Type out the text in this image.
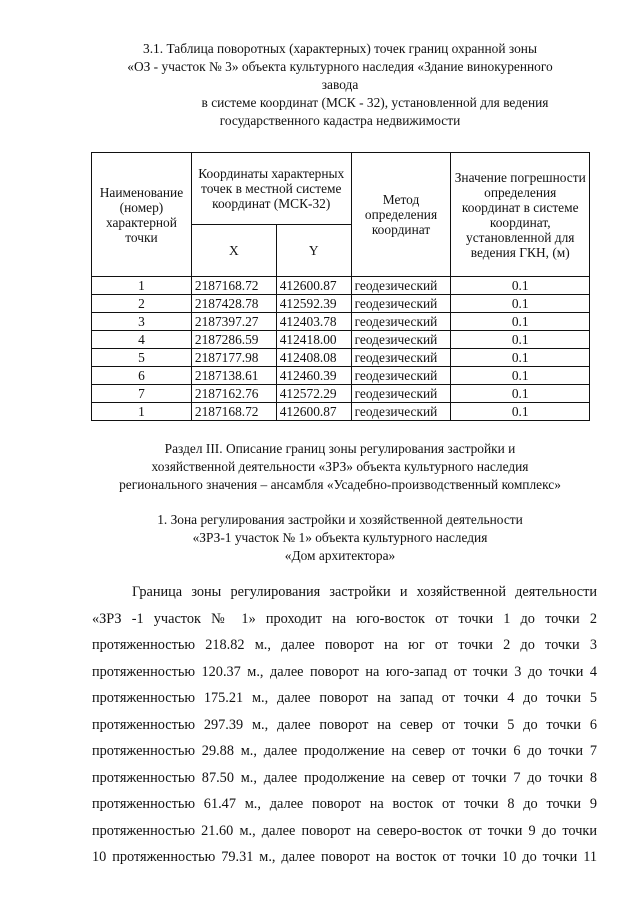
3.1. Таблица поворотных (характерных) точек границ охранной зоны
«ОЗ - участок № 3» объекта культурного наследия «Здание винокуренного
завода
в системе координат (МСК - 32), установленной для ведения
государственного кадастра недвижимости
Наименование (номер) характерной точки	Координаты характерных точек в местной системе координат (МСК-32)		Метод определения координат	Значение погрешности определения координат в системе координат, установленной для ведения ГКН, (м)
	X	Y		
1	2187168.72	412600.87	геодезический	0.1
2	2187428.78	412592.39	геодезический	0.1
3	2187397.27	412403.78	геодезический	0.1
4	2187286.59	412418.00	геодезический	0.1
5	2187177.98	412408.08	геодезический	0.1
6	2187138.61	412460.39	геодезический	0.1
7	2187162.76	412572.29	геодезический	0.1
1	2187168.72	412600.87	геодезический	0.1
Раздел III. Описание границ зоны регулирования застройки и
хозяйственной деятельности «ЗРЗ» объекта культурного наследия
регионального значения – ансамбля «Усадебно-производственный комплекс»
1. Зона регулирования застройки и хозяйственной деятельности
«ЗРЗ-1 участок № 1» объекта культурного наследия
«Дом архитектора»
Граница зоны регулирования застройки и хозяйственной деятельности
«ЗРЗ -1 участок № 1» проходит на юго-восток от точки 1 до точки 2
протяженностью 218.82 м., далее поворот на юг от точки 2 до точки 3
протяженностью 120.37 м., далее поворот на юго-запад от точки 3 до точки 4
протяженностью 175.21 м., далее поворот на запад от точки 4 до точки 5
протяженностью 297.39 м., далее поворот на север от точки 5 до точки 6
протяженностью 29.88 м., далее продолжение на север от точки 6 до точки 7
протяженностью 87.50 м., далее продолжение на север от точки 7 до точки 8
протяженностью 61.47 м., далее поворот на восток от точки 8 до точки 9
протяженностью 21.60 м., далее поворот на северо-восток от точки 9 до точки
10 протяженностью 79.31 м., далее поворот на восток от точки 10 до точки 11
